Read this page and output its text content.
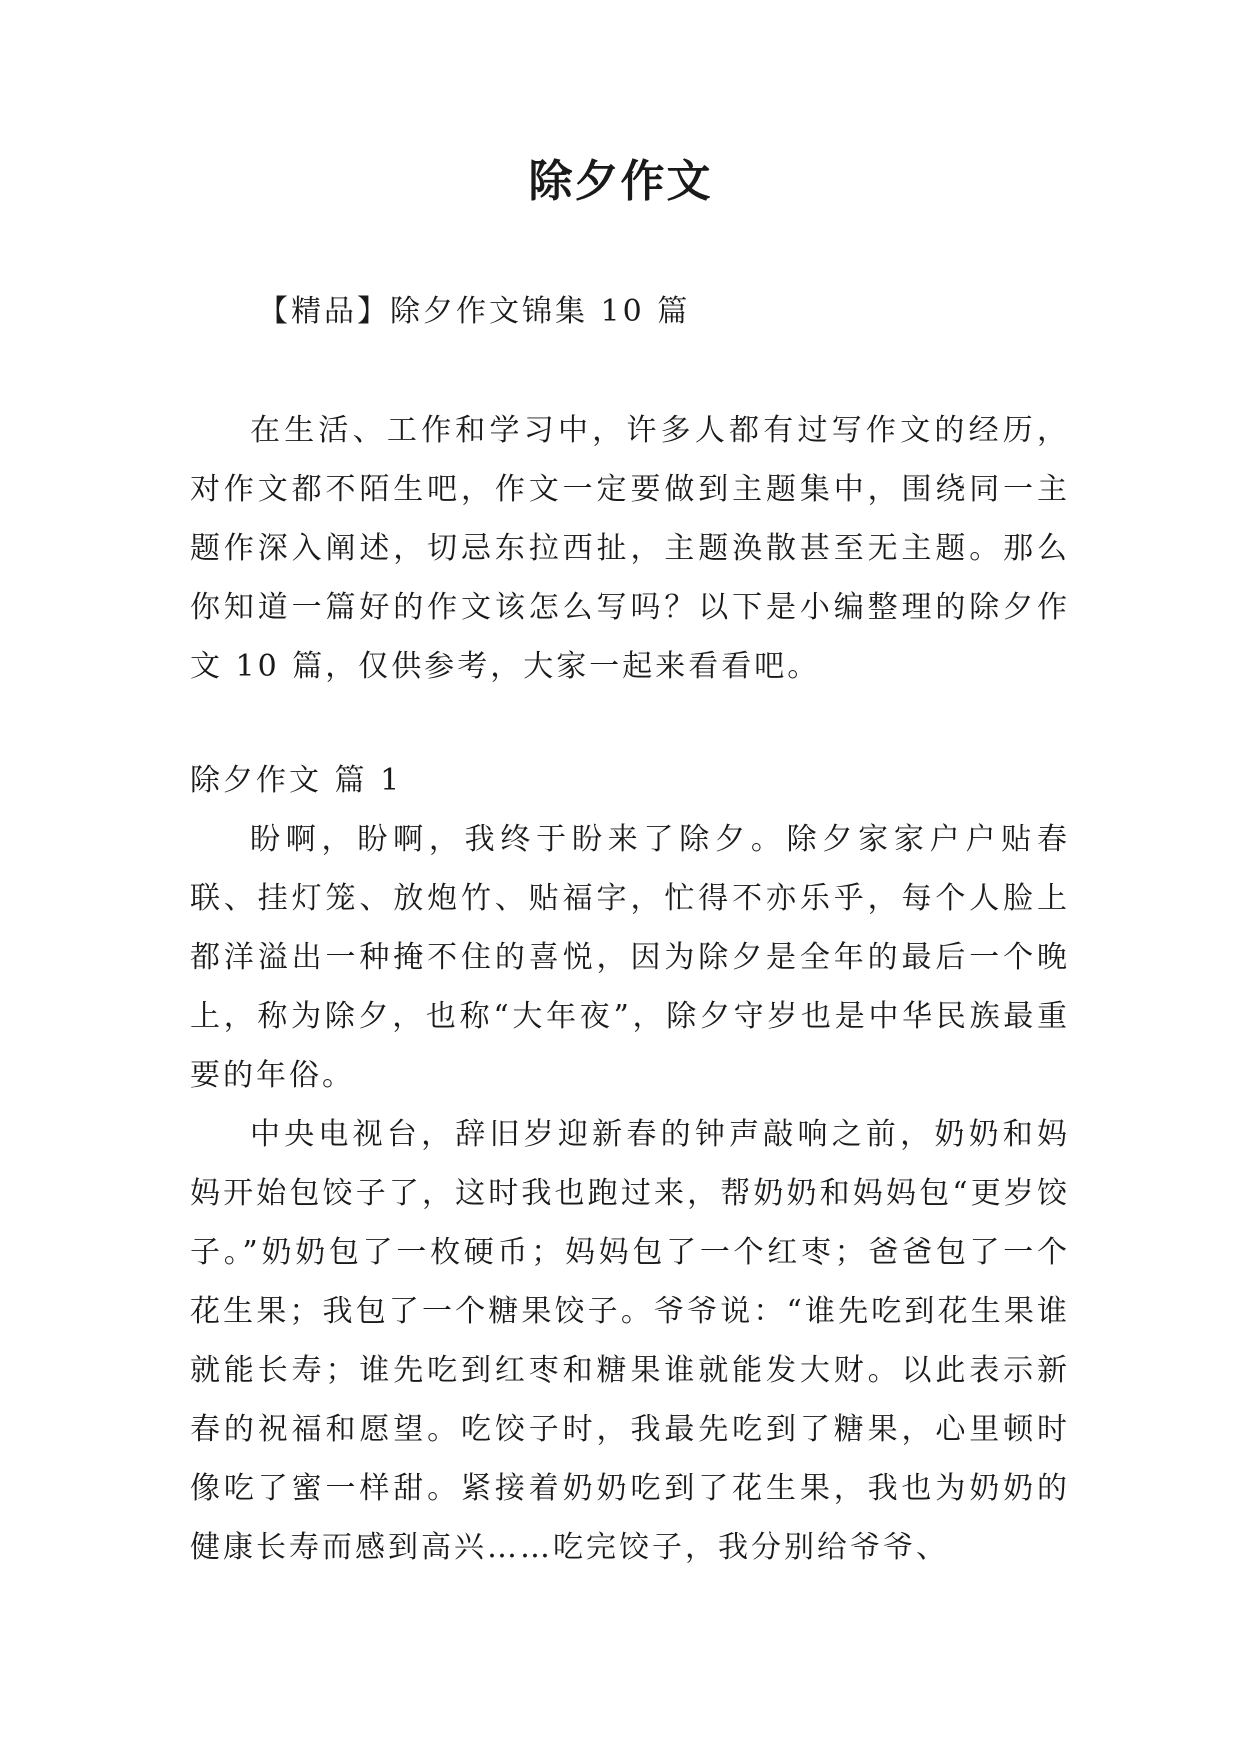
除夕作文
【精品】除夕作文锦集 10 篇

在生活、工作和学习中，许多人都有过写作文的经历，对作文都不陌生吧，作文一定要做到主题集中，围绕同一主题作深入阐述，切忌东拉西扯，主题涣散甚至无主题。那么你知道一篇好的作文该怎么写吗？以下是小编整理的除夕作文 10 篇，仅供参考，大家一起来看看吧。

除夕作文 篇 1

盼啊，盼啊，我终于盼来了除夕。除夕家家户户贴春联、挂灯笼、放炮竹、贴福字，忙得不亦乐乎，每个人脸上都洋溢出一种掩不住的喜悦，因为除夕是全年的最后一个晚上，称为除夕，也称“大年夜”，除夕守岁也是中华民族最重要的年俗。

中央电视台，辞旧岁迎新春的钟声敲响之前，奶奶和妈妈开始包饺子了，这时我也跑过来，帮奶奶和妈妈包“更岁饺子。”奶奶包了一枚硬币；妈妈包了一个红枣；爸爸包了一个花生果；我包了一个糖果饺子。爷爷说：“谁先吃到花生果谁就能长寿；谁先吃到红枣和糖果谁就能发大财。以此表示新春的祝福和愿望。吃饺子时，我最先吃到了糖果，心里顿时像吃了蜜一样甜。紧接着奶奶吃到了花生果，我也为奶奶的健康长寿而感到高兴……吃完饺子，我分别给爷爷、
